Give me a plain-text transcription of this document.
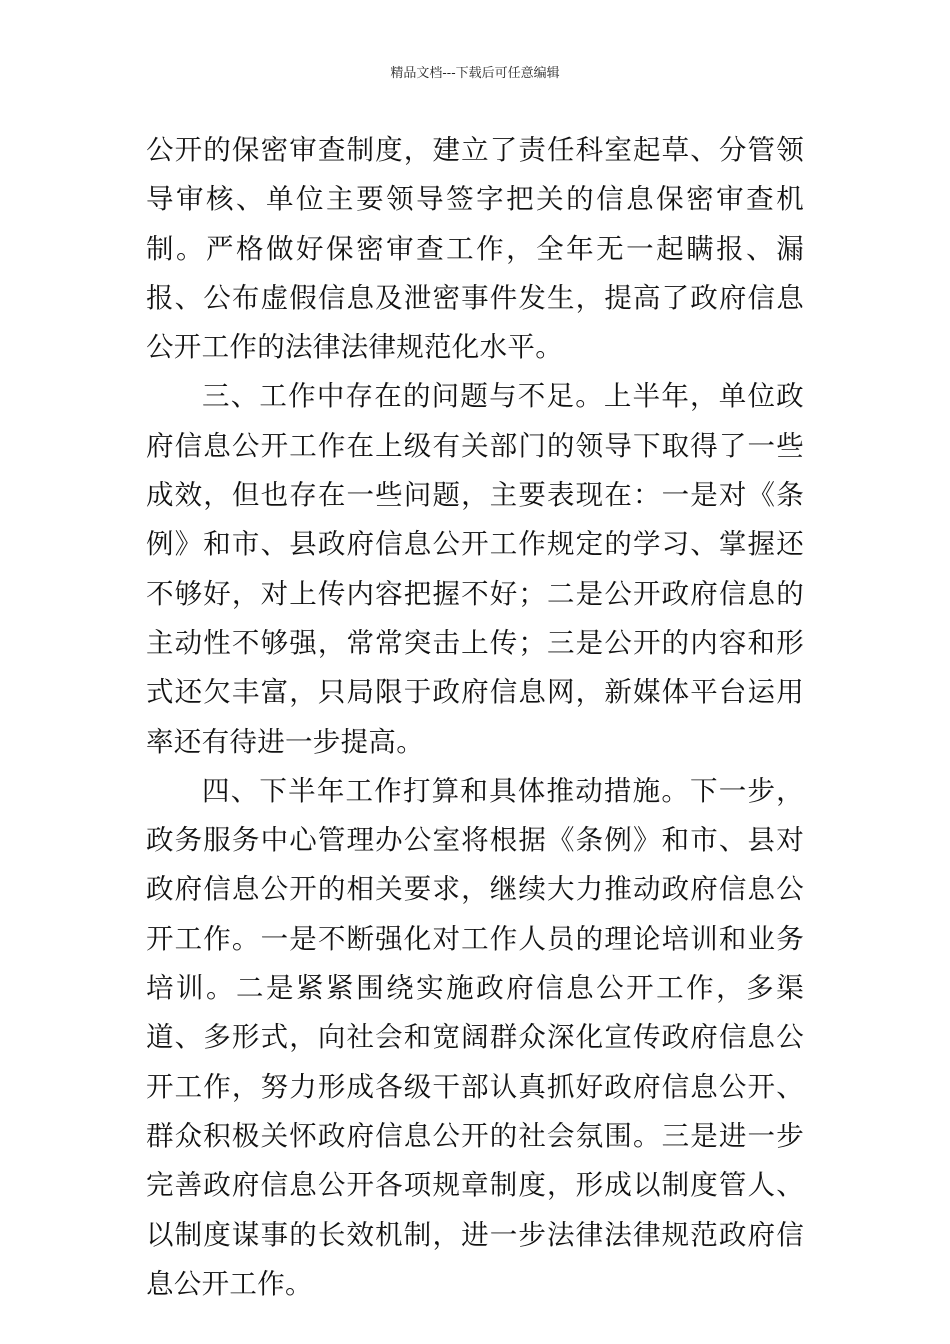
精品文档---下载后可任意编辑

公开的保密审查制度，建立了责任科室起草、分管领导审核、单位主要领导签字把关的信息保密审查机制。严格做好保密审查工作，全年无一起瞒报、漏报、公布虚假信息及泄密事件发生，提高了政府信息公开工作的法律法律规范化水平。

三、工作中存在的问题与不足。上半年，单位政府信息公开工作在上级有关部门的领导下取得了一些成效，但也存在一些问题，主要表现在：一是对《条例》和市、县政府信息公开工作规定的学习、掌握还不够好，对上传内容把握不好；二是公开政府信息的主动性不够强，常常突击上传；三是公开的内容和形式还欠丰富，只局限于政府信息网，新媒体平台运用率还有待进一步提高。

四、下半年工作打算和具体推动措施。下一步，政务服务中心管理办公室将根据《条例》和市、县对政府信息公开的相关要求，继续大力推动政府信息公开工作。一是不断强化对工作人员的理论培训和业务培训。二是紧紧围绕实施政府信息公开工作，多渠道、多形式，向社会和宽阔群众深化宣传政府信息公开工作，努力形成各级干部认真抓好政府信息公开、群众积极关怀政府信息公开的社会氛围。三是进一步完善政府信息公开各项规章制度，形成以制度管人、以制度谋事的长效机制，进一步法律法律规范政府信息公开工作。
